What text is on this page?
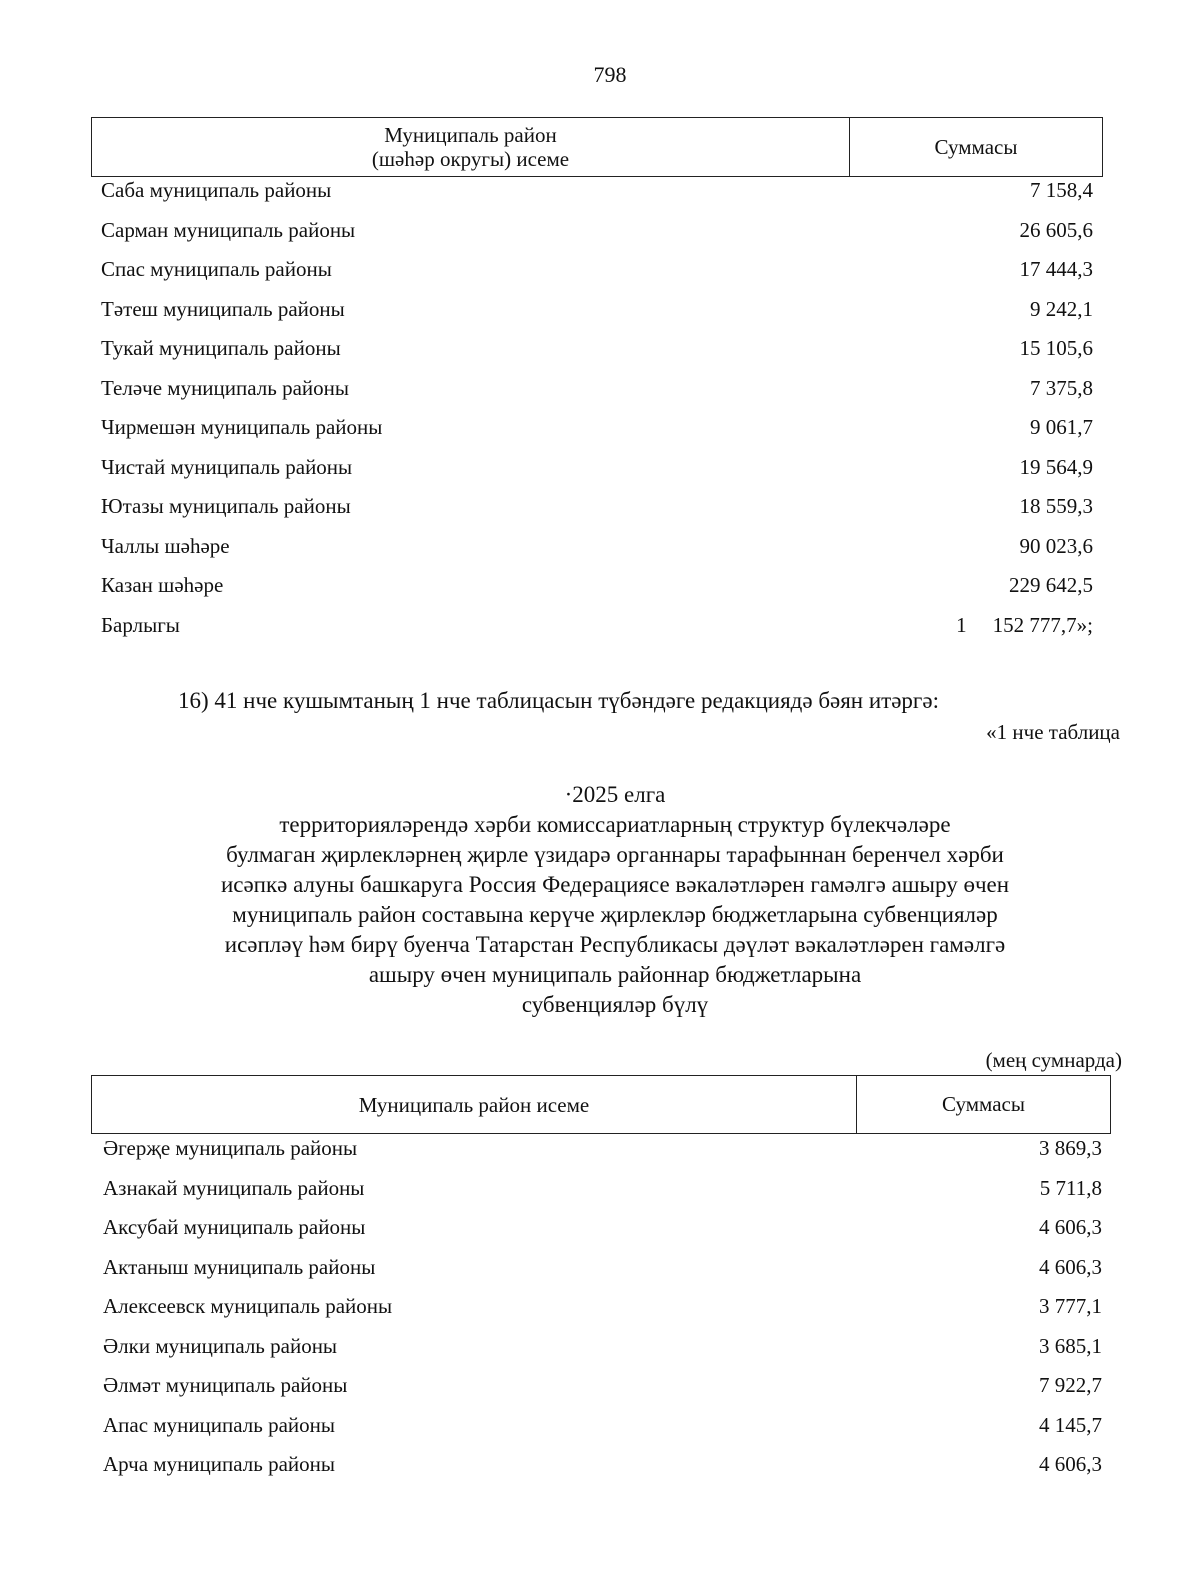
798
Муниципаль район
(шәһәр округы) исеме
Суммасы
Саба муниципаль районы	7 158,4
Сарман муниципаль районы	26 605,6
Спас муниципаль районы	17 444,3
Тәтеш муниципаль районы	9 242,1
Тукай муниципаль районы	15 105,6
Теләче муниципаль районы	7 375,8
Чирмешән муниципаль районы	9 061,7
Чистай муниципаль районы	19 564,9
Ютазы муниципаль районы	18 559,3
Чаллы шәһәре	90 023,6
Казан шәһәре	229 642,5
Барлыгы	1 152 777,7»;
16) 41 нче кушымтаның 1 нче таблицасын түбәндәге редакциядә бәян итәргә:
«1 нче таблица
·2025 елга
территорияләрендә хәрби комиссариатларның структур бүлекчәләре
булмаган җирлекләрнең җирле үзидарә органнары тарафыннан беренчел хәрби
исәпкә алуны башкаруга Россия Федерациясе вәкаләтләрен гамәлгә ашыру өчен
муниципаль район составына керүче җирлекләр бюджетларына субвенцияләр
исәпләү һәм бирү буенча Татарстан Республикасы дәүләт вәкаләтләрен гамәлгә
ашыру өчен муниципаль районнар бюджетларына
субвенцияләр бүлү
(мең сумнарда)
Муниципаль район исеме	Суммасы
Әгерҗе муниципаль районы	3 869,3
Азнакай муниципаль районы	5 711,8
Аксубай муниципаль районы	4 606,3
Актаныш муниципаль районы	4 606,3
Алексеевск муниципаль районы	3 777,1
Әлки муниципаль районы	3 685,1
Әлмәт муниципаль районы	7 922,7
Апас муниципаль районы	4 145,7
Арча муниципаль районы	4 606,3
